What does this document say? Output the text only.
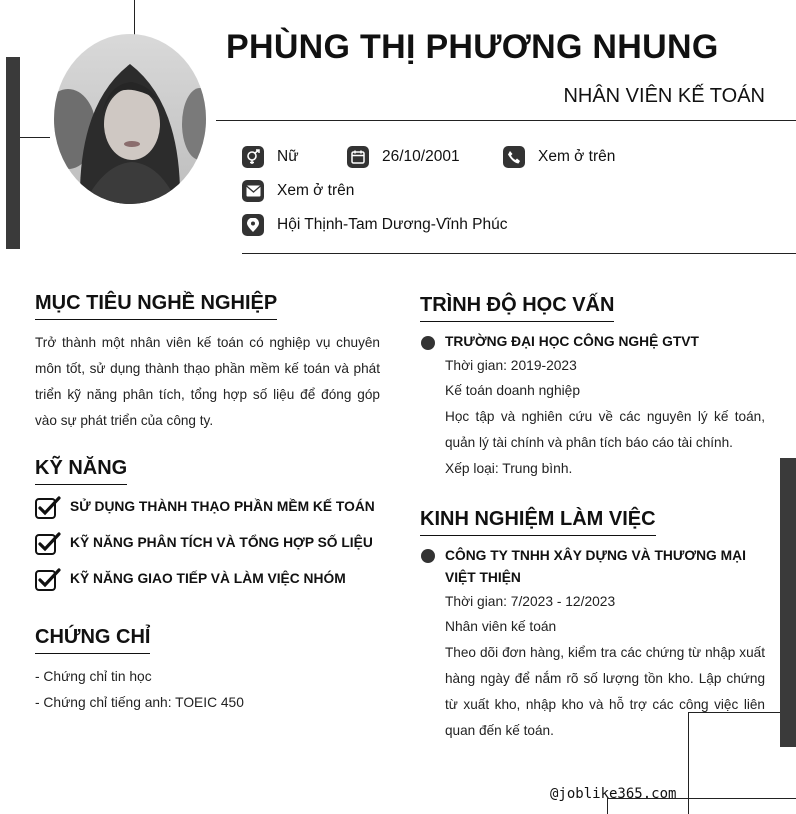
PHÙNG THỊ PHƯƠNG NHUNG
NHÂN VIÊN KẾ TOÁN
Nữ	26/10/2001	Xem ở trên
Xem ở trên
Hội Thịnh-Tam Dương-Vĩnh Phúc
MỤC TIÊU NGHỀ NGHIỆP
Trở thành một nhân viên kế toán có nghiệp vụ chuyên môn tốt, sử dụng thành thạo phần mềm kế toán và phát triển kỹ năng phân tích, tổng hợp số liệu để đóng góp vào sự phát triển của công ty.
KỸ NĂNG
SỬ DỤNG THÀNH THẠO PHẦN MỀM KẾ TOÁN
KỸ NĂNG PHÂN TÍCH VÀ TỔNG HỢP SỐ LIỆU
KỸ NĂNG GIAO TIẾP VÀ LÀM VIỆC NHÓM
CHỨNG CHỈ
- Chứng chỉ tin học
- Chứng chỉ tiếng anh: TOEIC 450
TRÌNH ĐỘ HỌC VẤN
TRƯỜNG ĐẠI HỌC CÔNG NGHỆ GTVT
Thời gian: 2019-2023
Kế toán doanh nghiệp
Học tập và nghiên cứu về các nguyên lý kế toán, quản lý tài chính và phân tích báo cáo tài chính.
Xếp loại: Trung bình.
KINH NGHIỆM LÀM VIỆC
CÔNG TY TNHH XÂY DỰNG VÀ THƯƠNG MẠI VIỆT THIỆN
Thời gian: 7/2023 - 12/2023
Nhân viên kế toán
Theo dõi đơn hàng, kiểm tra các chứng từ nhập xuất hàng ngày để nắm rõ số lượng tồn kho. Lập chứng từ xuất kho, nhập kho và hỗ trợ các công việc liên quan đến kế toán.
@joblike365.com
